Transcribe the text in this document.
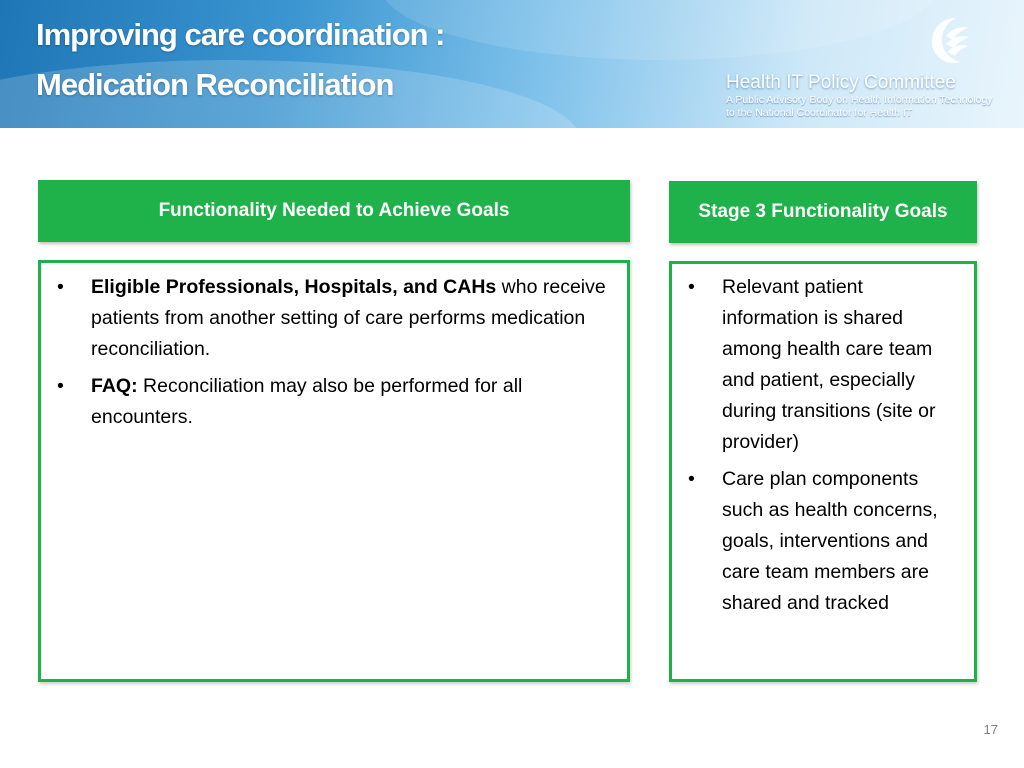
Improving care coordination :
Medication Reconciliation	Health IT Policy Committee
A Public Advisory Body on Health Information Technology
to the National Coordinator for Health IT
Functionality Needed to Achieve Goals	Stage 3 Functionality Goals
• Eligible Professionals, Hospitals, and CAHs who receive patients from another setting of care performs medication reconciliation.
• FAQ: Reconciliation may also be performed for all encounters.
• Relevant patient information is shared among health care team and patient, especially during transitions (site or provider)
• Care plan components such as health concerns, goals, interventions and care team members are shared and tracked
17
